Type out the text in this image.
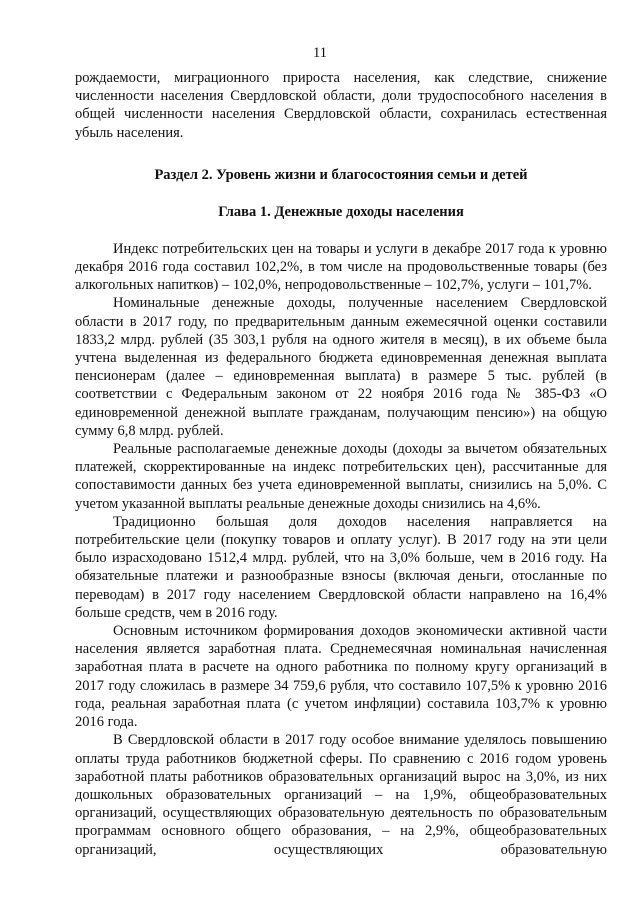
11

рождаемости, миграционного прироста населения, как следствие, снижение численности населения Свердловской области, доли трудоспособного населения в общей численности населения Свердловской области, сохранилась естественная убыль населения.

Раздел 2. Уровень жизни и благосостояния семьи и детей
Глава 1. Денежные доходы населения

Индекс потребительских цен на товары и услуги в декабре 2017 года к уровню декабря 2016 года составил 102,2%, в том числе на продовольственные товары (без алкогольных напитков) – 102,0%, непродовольственные – 102,7%, услуги – 101,7%.

Номинальные денежные доходы, полученные населением Свердловской области в 2017 году, по предварительным данным ежемесячной оценки составили 1833,2 млрд. рублей (35 303,1 рубля на одного жителя в месяц), в их объеме была учтена выделенная из федерального бюджета единовременная денежная выплата пенсионерам (далее – единовременная выплата) в размере 5 тыс. рублей (в соответствии с Федеральным законом от 22 ноября 2016 года № 385-ФЗ «О единовременной денежной выплате гражданам, получающим пенсию») на общую сумму 6,8 млрд. рублей.

Реальные располагаемые денежные доходы (доходы за вычетом обязательных платежей, скорректированные на индекс потребительских цен), рассчитанные для сопоставимости данных без учета единовременной выплаты, снизились на 5,0%. С учетом указанной выплаты реальные денежные доходы снизились на 4,6%.

Традиционно большая доля доходов населения направляется на потребительские цели (покупку товаров и оплату услуг). В 2017 году на эти цели было израсходовано 1512,4 млрд. рублей, что на 3,0% больше, чем в 2016 году. На обязательные платежи и разнообразные взносы (включая деньги, отосланные по переводам) в 2017 году населением Свердловской области направлено на 16,4% больше средств, чем в 2016 году.

Основным источником формирования доходов экономически активной части населения является заработная плата. Среднемесячная номинальная начисленная заработная плата в расчете на одного работника по полному кругу организаций в 2017 году сложилась в размере 34 759,6 рубля, что составило 107,5% к уровню 2016 года, реальная заработная плата (с учетом инфляции) составила 103,7% к уровню 2016 года.

В Свердловской области в 2017 году особое внимание уделялось повышению оплаты труда работников бюджетной сферы. По сравнению с 2016 годом уровень заработной платы работников образовательных организаций вырос на 3,0%, из них дошкольных образовательных организаций – на 1,9%, общеобразовательных организаций, осуществляющих образовательную деятельность по образовательным программам основного общего образования, – на 2,9%, общеобразовательных организаций, осуществляющих образовательную
